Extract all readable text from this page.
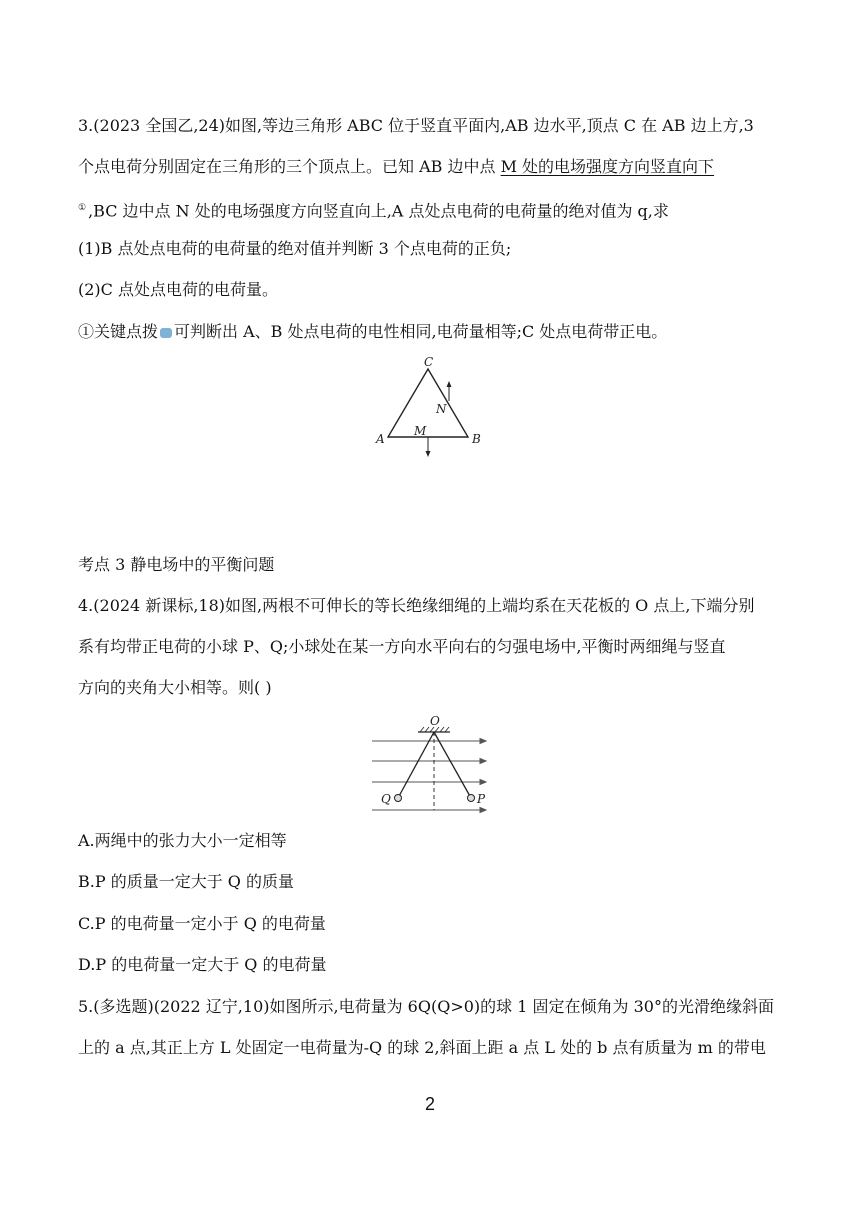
3.(2023 全国乙,24)如图,等边三角形 ABC 位于竖直平面内,AB 边水平,顶点 C 在 AB 边上方,3
个点电荷分别固定在三角形的三个顶点上。已知 AB 边中点 M 处的电场强度方向竖直向下
① ,BC 边中点 N 处的电场强度方向竖直向上,A 点处点电荷的电荷量的绝对值为 q,求
(1)B 点处点电荷的电荷量的绝对值并判断 3 个点电荷的正负;
(2)C 点处点电荷的电荷量。
①关键点拨 可判断出 A、B 处点电荷的电性相同,电荷量相等;C 处点电荷带正电。
C
A	B
M
N
考点 3 静电场中的平衡问题
4.(2024 新课标,18)如图,两根不可伸长的等长绝缘细绳的上端均系在天花板的 O 点上,下端分别
系有均带正电荷的小球 P、Q;小球处在某一方向水平向右的匀强电场中,平衡时两细绳与竖直
方向的夹角大小相等。则( )
O
Q	P
A.两绳中的张力大小一定相等
B.P 的质量一定大于 Q 的质量
C.P 的电荷量一定小于 Q 的电荷量
D.P 的电荷量一定大于 Q 的电荷量
5.(多选题)(2022 辽宁,10)如图所示,电荷量为 6Q(Q>0)的球 1 固定在倾角为 30°的光滑绝缘斜面
上的 a 点,其正上方 L 处固定一电荷量为-Q 的球 2,斜面上距 a 点 L 处的 b 点有质量为 m 的带电
2
